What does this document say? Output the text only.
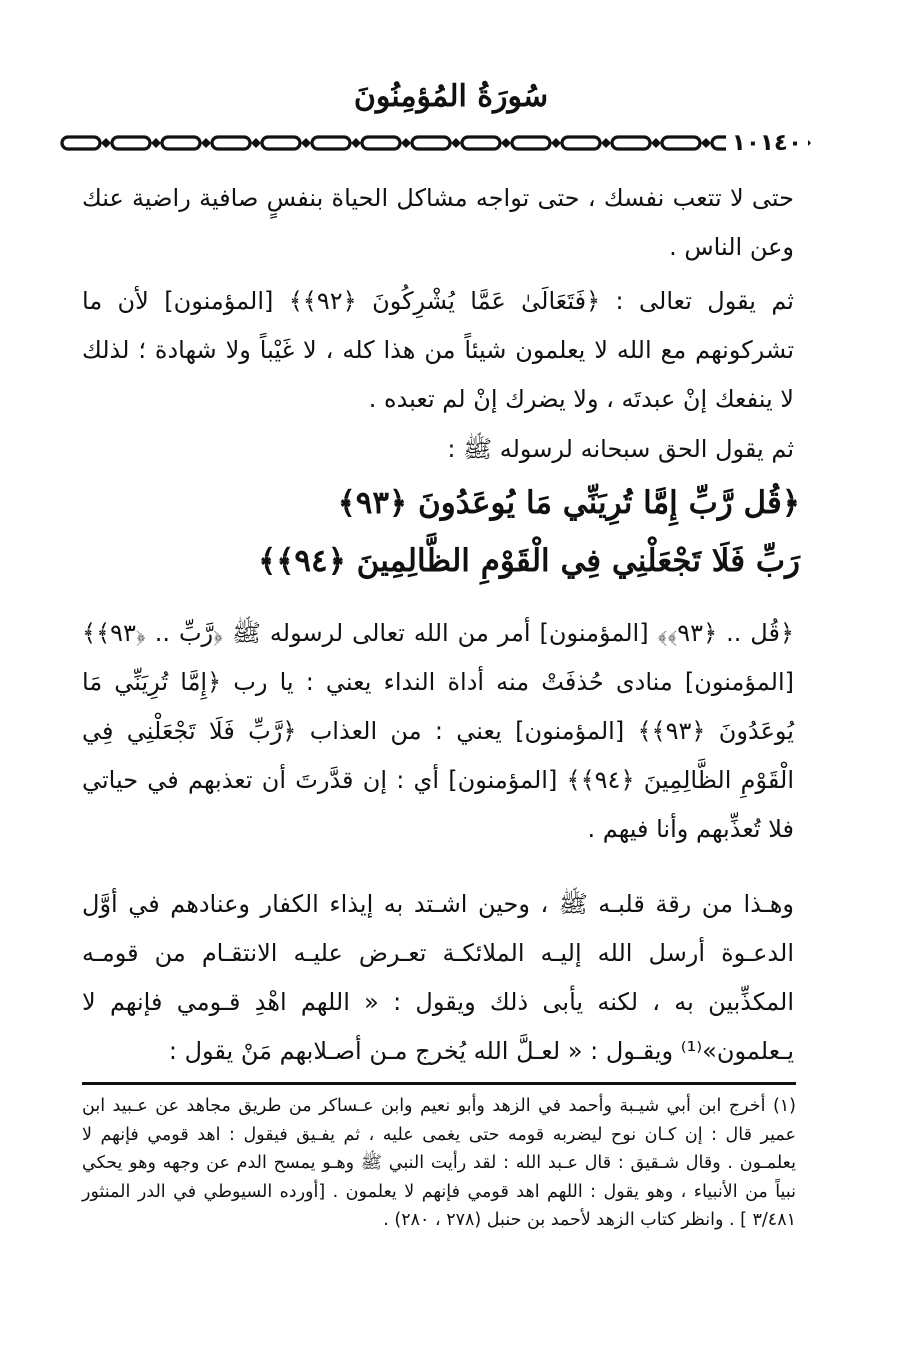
سُورَةُ المُؤمِنُونَ
١٠١٤٠
حتى لا تتعب نفسك ، حتى تواجه مشاكل الحياة بنفسٍ صافية راضية عنك وعن الناس .
ثم يقول تعالى : ﴿فَتَعَالَىٰ عَمَّا يُشْرِكُونَ ﴿٩٢﴾﴾ [المؤمنون] لأن ما تشركونهم مع الله لا يعلمون شيئاً من هذا كله ، لا غَيْباً ولا شهادة ؛ لذلك لا ينفعك إنْ عبدتَه ، ولا يضرك إنْ لم تعبده .
ثم يقول الحق سبحانه لرسوله ﷺ :
﴿قُل رَّبِّ إِمَّا تُرِيَنِّي مَا يُوعَدُونَ ﴿٩٣﴾
رَبِّ فَلَا تَجْعَلْنِي فِي الْقَوْمِ الظَّالِمِينَ ﴿٩٤﴾﴾
﴿قُل .. ﴿٩٣﴾﴾ [المؤمنون] أمر من الله تعالى لرسوله ﷺ ﴿رَّبِّ .. ﴿٩٣﴾﴾ [المؤمنون] منادى حُذفَتْ منه أداة النداء يعني : يا رب ﴿إِمَّا تُرِيَنِّي مَا يُوعَدُونَ ﴿٩٣﴾﴾ [المؤمنون] يعني : من العذاب ﴿رَّبِّ فَلَا تَجْعَلْنِي فِي الْقَوْمِ الظَّالِمِينَ ﴿٩٤﴾﴾ [المؤمنون] أي : إن قدَّرتَ أن تعذبهم في حياتي فلا تُعذِّبهم وأنا فيهم .
وهـذا من رقة قلبـه ﷺ ، وحين اشـتد به إيذاء الكفار وعنادهم في أوَّل الدعـوة أرسل الله إليـه الملائكـة تعـرض عليـه الانتقـام من قومـه المكذِّبين به ، لكنه يأبى ذلك ويقول : « اللهم اهْدِ قـومي فإنهم لا يـعلمون»⁽¹⁾ ويقـول : « لعـلَّ الله يُخرج مـن أصـلابهم مَنْ يقول :
(١) أخرج ابن أبي شيـبة وأحمد في الزهد وأبو نعيم وابن عـساكر من طريق مجاهد عن عـبيد ابن عمير قال : إن كـان نوح ليضربه قومه حتى يغمى عليه ، ثم يفـيق فيقول : اهد قومي فإنهم لا يعلمـون . وقال شـقيق : قال عـبد الله : لقد رأيت النبي ﷺ وهـو يمسح الدم عن وجهه وهو يحكي نبياً من الأنبياء ، وهو يقول : اللهم اهد قومي فإنهم لا يعلمون . [أورده السيوطي في الدر المنثور ٣/٤٨١ ] . وانظر كتاب الزهد لأحمد بن حنبل (٢٧٨ ، ٢٨٠) .
